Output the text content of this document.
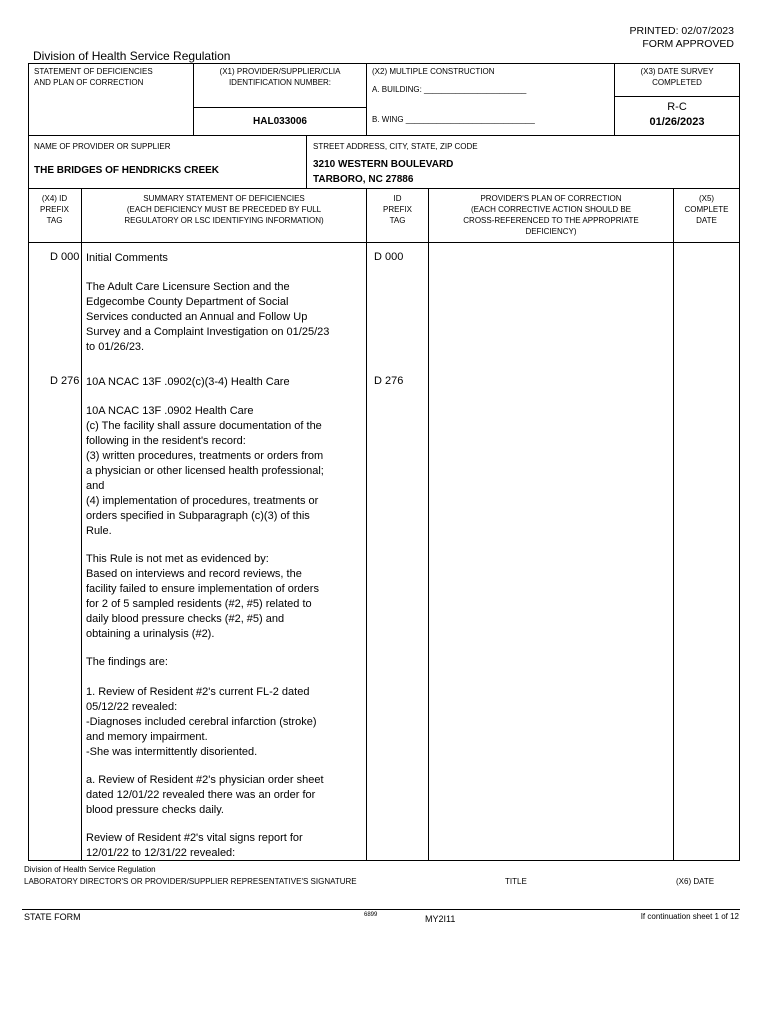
PRINTED: 02/07/2023
FORM APPROVED
Division of Health Service Regulation
STATEMENT OF DEFICIENCIES
AND PLAN OF CORRECTION
(X1) PROVIDER/SUPPLIER/CLIA
IDENTIFICATION NUMBER:
HAL033006
(X2) MULTIPLE CONSTRUCTION
A. BUILDING: _______________________
B. WING _____________________________
(X3) DATE SURVEY
COMPLETED
R-C
01/26/2023
NAME OF PROVIDER OR SUPPLIER
THE BRIDGES OF HENDRICKS CREEK
STREET ADDRESS, CITY, STATE, ZIP CODE
3210 WESTERN BOULEVARD
TARBORO, NC 27886
(X4) ID
PREFIX
TAG
SUMMARY STATEMENT OF DEFICIENCIES
(EACH DEFICIENCY MUST BE PRECEDED BY FULL
REGULATORY OR LSC IDENTIFYING INFORMATION)
ID
PREFIX
TAG
PROVIDER'S PLAN OF CORRECTION
(EACH CORRECTIVE ACTION SHOULD BE
CROSS-REFERENCED TO THE APPROPRIATE
DEFICIENCY)
(X5)
COMPLETE
DATE
D 000	D 000
Initial Comments

The Adult Care Licensure Section and the

Edgecombe County Department of Social

Services conducted an Annual and Follow Up

Survey and a Complaint Investigation on 01/25/23

to 01/26/23.

D 276	D 276
10A NCAC 13F .0902(c)(3-4) Health Care

10A NCAC 13F .0902 Health Care

(c) The facility shall assure documentation of the

following in the resident's record:

(3) written procedures, treatments or orders from

a physician or other licensed health professional;

and

(4) implementation of procedures, treatments or

orders specified in Subparagraph (c)(3) of this

Rule.

This Rule is not met as evidenced by:

Based on interviews and record reviews, the

facility failed to ensure implementation of orders

for 2 of 5 sampled residents (#2, #5) related to

daily blood pressure checks (#2, #5) and

obtaining a urinalysis (#2).

The findings are:

1. Review of Resident #2's current FL-2 dated

05/12/22 revealed:

-Diagnoses included cerebral infarction (stroke)

and memory impairment.

-She was intermittently disoriented.

a. Review of Resident #2's physician order sheet

dated 12/01/22 revealed there was an order for

blood pressure checks daily.

Review of Resident #2's vital signs report for

12/01/22 to 12/31/22 revealed:

Division of Health Service Regulation
LABORATORY DIRECTOR'S OR PROVIDER/SUPPLIER REPRESENTATIVE'S SIGNATURE	TITLE	(X6) DATE
STATE FORM	6899	MY2I11	If continuation sheet 1 of 12
